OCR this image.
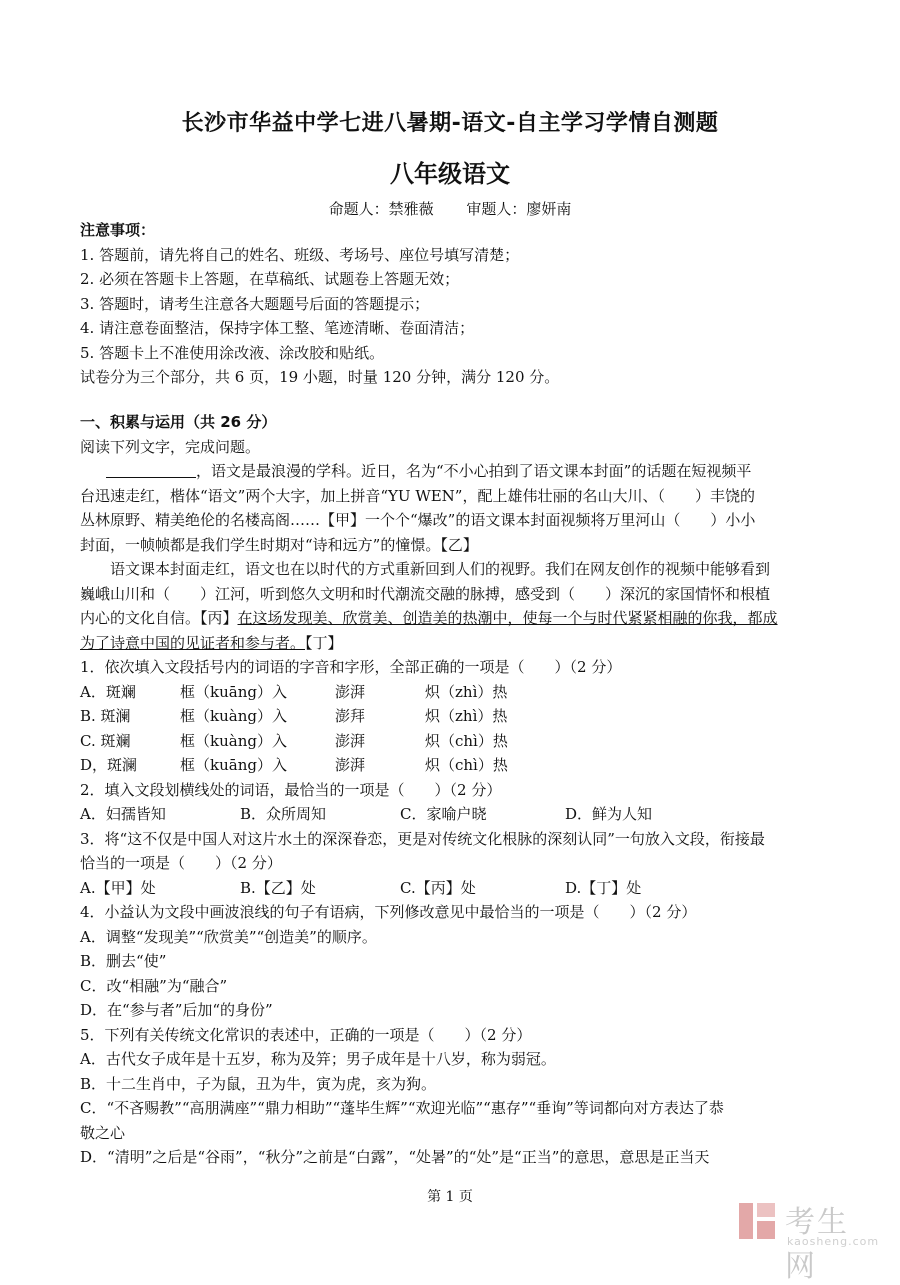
长沙市华益中学七进八暑期-语文-自主学习学情自测题
八年级语文
命题人：禁雅薇 审题人：廖妍南
注意事项：
1. 答题前，请先将自己的姓名、班级、考场号、座位号填写清楚；
2. 必须在答题卡上答题，在草稿纸、试题卷上答题无效；
3. 答题时，请考生注意各大题题号后面的答题提示；
4. 请注意卷面整洁，保持字体工整、笔迹清晰、卷面清洁；
5. 答题卡上不准使用涂改液、涂改胶和贴纸。
试卷分为三个部分，共 6 页，19 小题，时量 120 分钟，满分 120 分。
一、积累与运用（共 26 分）
阅读下列文字，完成问题。
，语文是最浪漫的学科。近日，名为“不小心拍到了语文课本封面”的话题在短视频平
台迅速走红，楷体“语文”两个大字，加上拼音“YU WEN”，配上雄伟壮丽的名山大川、（　　）丰饶的
丛林原野、精美绝伦的名楼高阁……【甲】一个个“爆改”的语文课本封面视频将万里河山（　　）小小
封面，一帧帧都是我们学生时期对“诗和远方”的憧憬。【乙】
语文课本封面走红，语文也在以时代的方式重新回到人们的视野。我们在网友创作的视频中能够看到
巍峨山川和（　　）江河，听到悠久文明和时代潮流交融的脉搏，感受到（　　）深沉的家国情怀和根植
内心的文化自信。【丙】在这场发现美、欣赏美、创造美的热潮中，使每一个与时代紧紧相融的你我，都成
为了诗意中国的见证者和参与者。【丁】
1．依次填入文段括号内的词语的字音和字形，全部正确的一项是（　　）（2 分）
A．斑斓	框（kuāng）入	澎湃	炽（zhì）热
B. 斑澜	框（kuàng）入	澎拜	炽（zhì）热
C. 斑斓	框（kuàng）入	澎湃	炽（chì）热
D，斑澜	框（kuāng）入	澎湃	炽（chì）热
2．填入文段划横线处的词语，最恰当的一项是（　　）（2 分）
A．妇孺皆知	B．众所周知	C．家喻户晓	D．鲜为人知
3．将“这不仅是中国人对这片水土的深深眷恋，更是对传统文化根脉的深刻认同”一句放入文段，衔接最
恰当的一项是（　　）（2 分）
A.【甲】处	B.【乙】处	C.【丙】处	D.【丁】处
4．小益认为文段中画波浪线的句子有语病，下列修改意见中最恰当的一项是（　　）（2 分）
A．调整“发现美”“欣赏美”“创造美”的顺序。
B．删去“使”
C．改“相融”为“融合”
D．在“参与者”后加“的身份”
5．下列有关传统文化常识的表述中，正确的一项是（　　）（2 分）
A．古代女子成年是十五岁，称为及笄；男子成年是十八岁，称为弱冠。
B．十二生肖中，子为鼠，丑为牛，寅为虎，亥为狗。
C．“不吝赐教”“高朋满座”“鼎力相助”“蓬毕生辉”“欢迎光临”“惠存”“垂询”等词都向对方表达了恭
敬之心
D．“清明”之后是“谷雨”，“秋分”之前是“白露”，“处暑”的“处”是“正当”的意思，意思是正当天
第 1 页
考生网
kaosheng.com
